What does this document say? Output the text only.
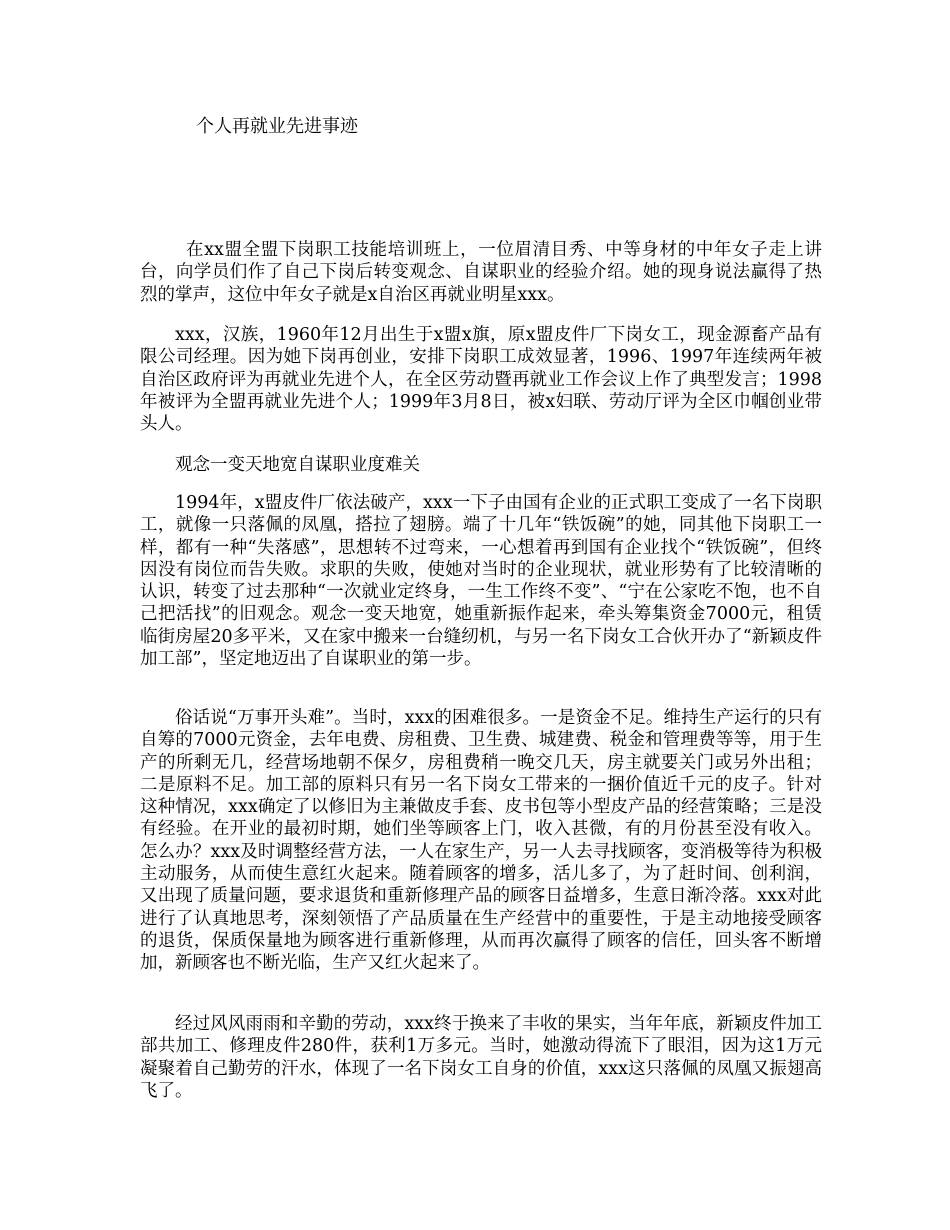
个人再就业先进事迹
在xx盟全盟下岗职工技能培训班上，一位眉清目秀、中等身材的中年女子走上讲台，向学员们作了自己下岗后转变观念、自谋职业的经验介绍。她的现身说法赢得了热烈的掌声，这位中年女子就是x自治区再就业明星xxx。
xxx，汉族，1960年12月出生于x盟x旗，原x盟皮件厂下岗女工，现金源畜产品有限公司经理。因为她下岗再创业，安排下岗职工成效显著，1996、1997年连续两年被自治区政府评为再就业先进个人，在全区劳动暨再就业工作会议上作了典型发言；1998年被评为全盟再就业先进个人；1999年3月8日，被x妇联、劳动厅评为全区巾帼创业带头人。
观念一变天地宽自谋职业度难关
1994年，x盟皮件厂依法破产，xxx一下子由国有企业的正式职工变成了一名下岗职工，就像一只落佩的凤凰，搭拉了翅膀。端了十几年“铁饭碗”的她，同其他下岗职工一样，都有一种“失落感”，思想转不过弯来，一心想着再到国有企业找个“铁饭碗”，但终因没有岗位而告失败。求职的失败，使她对当时的企业现状，就业形势有了比较清晰的认识，转变了过去那种“一次就业定终身，一生工作终不变”、“宁在公家吃不饱，也不自己把活找”的旧观念。观念一变天地宽，她重新振作起来，牵头筹集资金7000元，租赁临街房屋20多平米，又在家中搬来一台缝纫机，与另一名下岗女工合伙开办了“新颖皮件加工部”，坚定地迈出了自谋职业的第一步。
俗话说“万事开头难”。当时，xxx的困难很多。一是资金不足。维持生产运行的只有自筹的7000元资金，去年电费、房租费、卫生费、城建费、税金和管理费等等，用于生产的所剩无几，经营场地朝不保夕，房租费稍一晚交几天，房主就要关门或另外出租；二是原料不足。加工部的原料只有另一名下岗女工带来的一捆价值近千元的皮子。针对这种情况，xxx确定了以修旧为主兼做皮手套、皮书包等小型皮产品的经营策略；三是没有经验。在开业的最初时期，她们坐等顾客上门，收入甚微，有的月份甚至没有收入。怎么办？xxx及时调整经营方法，一人在家生产，另一人去寻找顾客，变消极等待为积极主动服务，从而使生意红火起来。随着顾客的增多，活儿多了，为了赶时间、创利润，又出现了质量问题，要求退货和重新修理产品的顾客日益增多，生意日渐冷落。xxx对此进行了认真地思考，深刻领悟了产品质量在生产经营中的重要性，于是主动地接受顾客的退货，保质保量地为顾客进行重新修理，从而再次赢得了顾客的信任，回头客不断增加，新顾客也不断光临，生产又红火起来了。
经过风风雨雨和辛勤的劳动，xxx终于换来了丰收的果实，当年年底，新颖皮件加工部共加工、修理皮件280件，获利1万多元。当时，她激动得流下了眼泪，因为这1万元凝聚着自己勤劳的汗水，体现了一名下岗女工自身的价值，xxx这只落佩的凤凰又振翅高飞了。
